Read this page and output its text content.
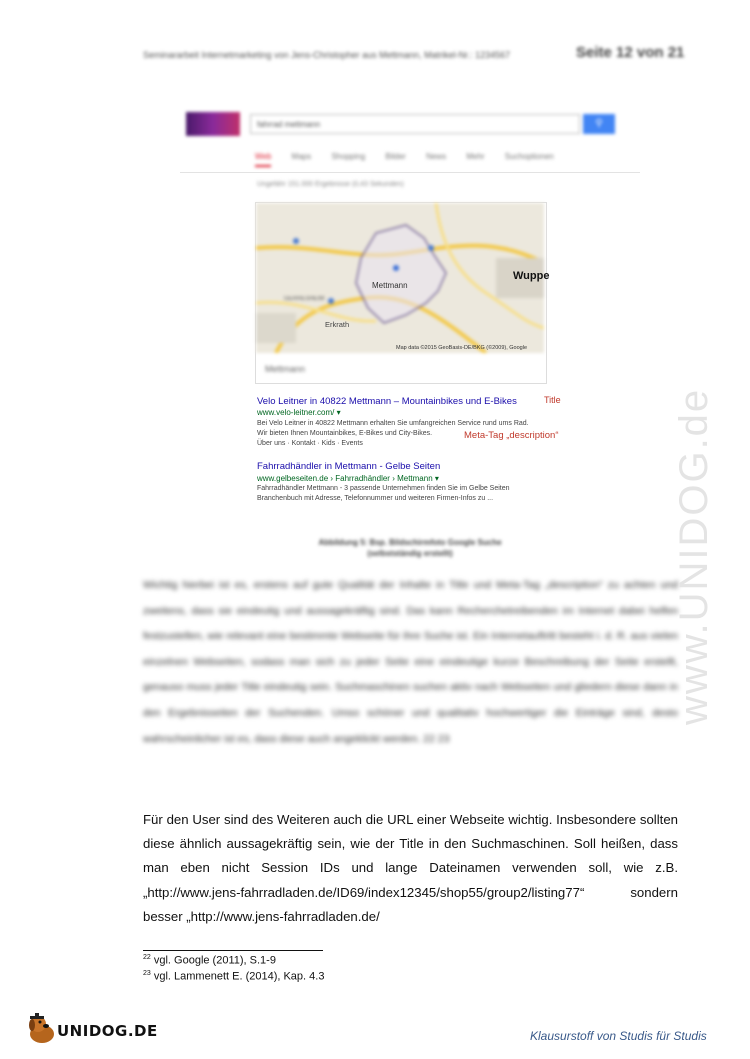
Seminararbeit Internetmarketing von Jens-Christopher aus Mettmann, Matrikel-Nr.: 1234567	Seite 12 von 21
fahrrad mettmann	⚲
Web	Maps	Shopping	Bilder	News	Mehr	Suchoptionen
Ungefähr 151.000 Ergebnisse (0,43 Sekunden)
Mettmann
Wuppe
GERRESHEIM
Erkrath
Map data ©2015 GeoBasis-DE/BKG (©2009), Google
Mettmann
Velo Leitner in 40822 Mettmann – Mountainbikes und E-Bikes
www.velo-leitner.com/ ▾
Bei Velo Leitner in 40822 Mettmann erhalten Sie umfangreichen Service rund ums Rad.
Wir bieten Ihnen Mountainbikes, E-Bikes und City-Bikes.
Über uns · Kontakt · Kids · Events
Title
Meta-Tag „description“
Fahrradhändler in Mettmann - Gelbe Seiten
www.gelbeseiten.de › Fahrradhändler › Mettmann ▾
Fahrradhändler Mettmann - 3 passende Unternehmen finden Sie im Gelbe Seiten
Branchenbuch mit Adresse, Telefonnummer und weiteren Firmen-Infos zu ...
Abbildung 5: Bsp. Bildschirmfoto Google Suche
(selbstständig erstellt)
Wichtig hierbei ist es, erstens auf gute Qualität der Inhalte in Title und Meta-Tag „description“ zu achten und zweitens, dass sie eindeutig und aussagekräftig sind. Das kann Recherchetreibenden im Internet dabei helfen festzustellen, wie relevant eine bestimmte Webseite für ihre Suche ist. Ein Internetauftritt besteht i. d. R. aus vielen einzelnen Webseiten, sodass man sich zu jeder Seite eine eindeutige kurze Beschreibung der Seite erstellt, genauso muss jeder Title eindeutig sein. Suchmaschinen suchen aktiv nach Webseiten und gliedern diese dann in den Ergebnisseiten der Suchenden. Umso schöner und qualitativ hochwertiger die Einträge sind, desto wahrscheinlicher ist es, dass diese auch angeklickt werden. 22 23
Für den User sind des Weiteren auch die URL einer Webseite wichtig. Insbesondere sollten diese ähnlich aussagekräftig sein, wie der Title in den Suchmaschinen. Soll heißen, dass man eben nicht Session IDs und lange Dateinamen verwenden soll, wie z.B. „http://www.jens-fahrradladen.de/ID69/index12345/shop55/group2/listing77“ sondern besser „http://www.jens-fahrradladen.de/
$^{22}$ vgl. Google (2011), S.1-9
$^{23}$ vgl. Lammenett E. (2014), Kap. 4.3
www.UNIDOG.de
UNIDOG.DE	Klausurstoff von Studis für Studis
